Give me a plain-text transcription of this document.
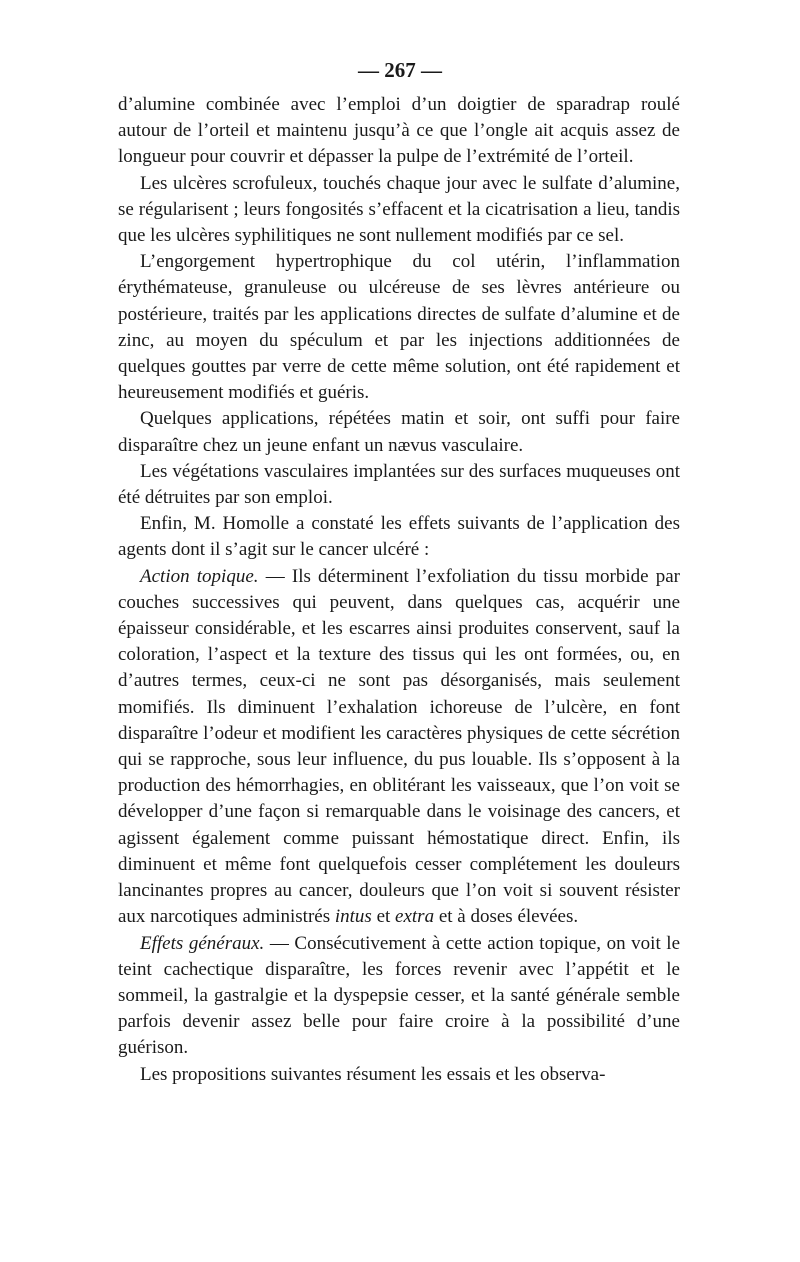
— 267 —

d’alumine combinée avec l’emploi d’un doigtier de sparadrap roulé autour de l’orteil et maintenu jusqu’à ce que l’ongle ait acquis assez de longueur pour couvrir et dépasser la pulpe de l’extrémité de l’orteil.

Les ulcères scrofuleux, touchés chaque jour avec le sulfate d’alumine, se régularisent ; leurs fongosités s’effacent et la cicatrisation a lieu, tandis que les ulcères syphilitiques ne sont nullement modifiés par ce sel.

L’engorgement hypertrophique du col utérin, l’inflammation érythémateuse, granuleuse ou ulcéreuse de ses lèvres antérieure ou postérieure, traités par les applications directes de sulfate d’alumine et de zinc, au moyen du spéculum et par les injections additionnées de quelques gouttes par verre de cette même solution, ont été rapidement et heureusement modifiés et guéris.

Quelques applications, répétées matin et soir, ont suffi pour faire disparaître chez un jeune enfant un nævus vasculaire.

Les végétations vasculaires implantées sur des surfaces muqueuses ont été détruites par son emploi.

Enfin, M. Homolle a constaté les effets suivants de l’application des agents dont il s’agit sur le cancer ulcéré :

Action topique. — Ils déterminent l’exfoliation du tissu morbide par couches successives qui peuvent, dans quelques cas, acquérir une épaisseur considérable, et les escarres ainsi produites conservent, sauf la coloration, l’aspect et la texture des tissus qui les ont formées, ou, en d’autres termes, ceux-ci ne sont pas désorganisés, mais seulement momifiés. Ils diminuent l’exhalation ichoreuse de l’ulcère, en font disparaître l’odeur et modifient les caractères physiques de cette sécrétion qui se rapproche, sous leur influence, du pus louable. Ils s’opposent à la production des hémorrhagies, en oblitérant les vaisseaux, que l’on voit se développer d’une façon si remarquable dans le voisinage des cancers, et agissent également comme puissant hémostatique direct. Enfin, ils diminuent et même font quelquefois cesser complétement les douleurs lancinantes propres au cancer, douleurs que l’on voit si souvent résister aux narcotiques administrés intus et extra et à doses élevées.

Effets généraux. — Consécutivement à cette action topique, on voit le teint cachectique disparaître, les forces revenir avec l’appétit et le sommeil, la gastralgie et la dyspepsie cesser, et la santé générale semble parfois devenir assez belle pour faire croire à la possibilité d’une guérison.

Les propositions suivantes résument les essais et les observa-
